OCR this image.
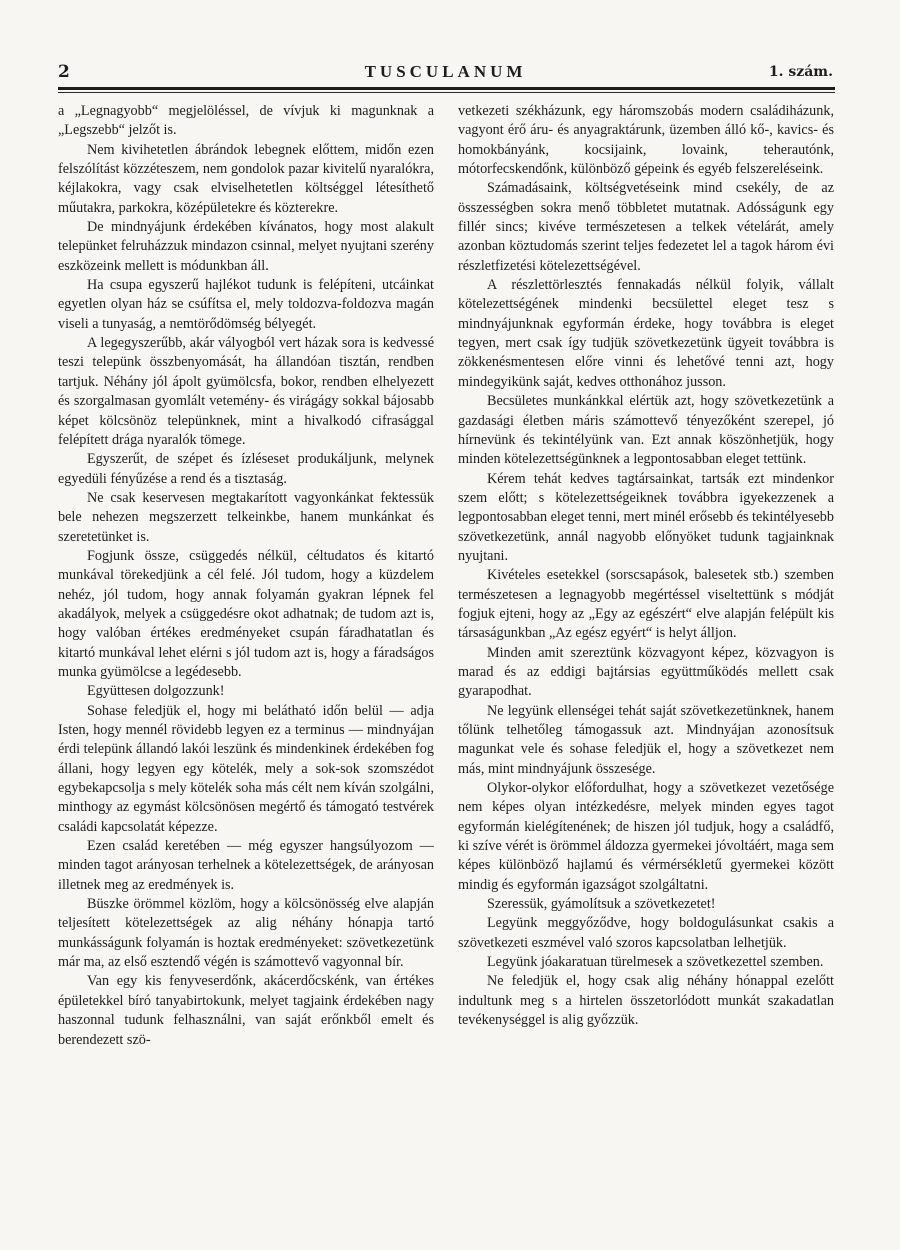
2	TUSCULANUM	1. szám.

a „Legnagyobb“ megjelöléssel, de vívjuk ki magunknak a „Legszebb“ jelzőt is.

Nem kivihetetlen ábrándok lebegnek előttem, midőn ezen felszólítást közzéteszem, nem gondolok pazar kivitelű nyaralókra, kéjlakokra, vagy csak elviselhetetlen költséggel létesíthető műutakra, parkokra, középületekre és közterekre.

De mindnyájunk érdekében kívánatos, hogy most alakult telepünket felruházzuk mindazon csinnal, melyet nyujtani szerény eszközeink mellett is módunkban áll.

Ha csupa egyszerű hajlékot tudunk is felépíteni, utcáinkat egyetlen olyan ház se csúfítsa el, mely toldozva-foldozva magán viseli a tunyaság, a nemtörődömség bélyegét.

A legegyszerűbb, akár vályogból vert házak sora is kedvessé teszi telepünk összbenyomását, ha állandóan tisztán, rendben tartjuk. Néhány jól ápolt gyümölcsfa, bokor, rendben elhelyezett és szorgalmasan gyomlált vetemény- és virágágy sokkal bájosabb képet kölcsönöz telepünknek, mint a hivalkodó cifrasággal felépített drága nyaralók tömege.

Egyszerűt, de szépet és ízléseset produkáljunk, melynek egyedüli fényűzése a rend és a tisztaság.

Ne csak keservesen megtakarított vagyonkánkat fektessük bele nehezen megszerzett telkeinkbe, hanem munkánkat és szeretetünket is.

Fogjunk össze, csüggedés nélkül, céltudatos és kitartó munkával törekedjünk a cél felé. Jól tudom, hogy a küzdelem nehéz, jól tudom, hogy annak folyamán gyakran lépnek fel akadályok, melyek a csüggedésre okot adhatnak; de tudom azt is, hogy valóban értékes eredményeket csupán fáradhatatlan és kitartó munkával lehet elérni s jól tudom azt is, hogy a fáradságos munka gyümölcse a legédesebb.

Együttesen dolgozzunk!

Sohase feledjük el, hogy mi belátható időn belül — adja Isten, hogy mennél rövidebb legyen ez a terminus — mindnyájan érdi telepünk állandó lakói leszünk és mindenkinek érdekében fog állani, hogy legyen egy kötelék, mely a sok-sok szomszédot egybekapcsolja s mely kötelék soha más célt nem kíván szolgálni, minthogy az egymást kölcsönösen megértő és támogató testvérek családi kapcsolatát képezze.

Ezen család keretében — még egyszer hangsúlyozom — minden tagot arányosan terhelnek a kötelezettségek, de arányosan illetnek meg az eredmények is.

Büszke örömmel közlöm, hogy a kölcsönösség elve alapján teljesített kötelezettségek az alig néhány hónapja tartó munkásságunk folyamán is hoztak eredményeket: szövetkezetünk már ma, az első esztendő végén is számottevő vagyonnal bír.

Van egy kis fenyveserdőnk, akácerdőcskénk, van értékes épületekkel bíró tanyabirtokunk, melyet tagjaink érdekében nagy haszonnal tudunk felhasználni, van saját erőnkből emelt és berendezett szö-

vetkezeti székházunk, egy háromszobás modern családiházunk, vagyont érő áru- és anyagraktárunk, üzemben álló kő-, kavics- és homokbányánk, kocsijaink, lovaink, teherautónk, mótorfecskendőnk, különböző gépeink és egyéb felszereléseink.

Számadásaink, költségvetéseink mind csekély, de az összességben sokra menő többletet mutatnak. Adósságunk egy fillér sincs; kivéve természetesen a telkek vételárát, amely azonban köztudomás szerint teljes fedezetet lel a tagok három évi részletfizetési kötelezettségével.

A részlettörlesztés fennakadás nélkül folyik, vállalt kötelezettségének mindenki becsülettel eleget tesz s mindnyájunknak egyformán érdeke, hogy továbbra is eleget tegyen, mert csak így tudjük szövetkezetünk ügyeit továbbra is zökkenésmentesen előre vinni és lehetővé tenni azt, hogy mindegyikünk saját, kedves otthonához jusson.

Becsületes munkánkkal elértük azt, hogy szövetkezetünk a gazdasági életben máris számottevő tényezőként szerepel, jó hírnevünk és tekintélyünk van. Ezt annak köszönhetjük, hogy minden kötelezettségünknek a legpontosabban eleget tettünk.

Kérem tehát kedves tagtársainkat, tartsák ezt mindenkor szem előtt; s kötelezettségeiknek továbbra igyekezzenek a legpontosabban eleget tenni, mert minél erősebb és tekintélyesebb szövetkezetünk, annál nagyobb előnyöket tudunk tagjainknak nyujtani.

Kivételes esetekkel (sorscsapások, balesetek stb.) szemben természetesen a legnagyobb megértéssel viseltettünk s módját fogjuk ejteni, hogy az „Egy az egészért“ elve alapján felépült kis társaságunkban „Az egész egyért“ is helyt álljon.

Minden amit szereztünk közvagyont képez, közvagyon is marad és az eddigi bajtársias együttműködés mellett csak gyarapodhat.

Ne legyünk ellenségei tehát saját szövetkezetünknek, hanem tőlünk telhetőleg támogassuk azt. Mindnyájan azonosítsuk magunkat vele és sohase feledjük el, hogy a szövetkezet nem más, mint mindnyájunk összesége.

Olykor-olykor előfordulhat, hogy a szövetkezet vezetősége nem képes olyan intézkedésre, melyek minden egyes tagot egyformán kielégítenének; de hiszen jól tudjuk, hogy a családfő, ki szíve vérét is örömmel áldozza gyermekei jóvoltáért, maga sem képes különböző hajlamú és vérmérsékletű gyermekei között mindig és egyformán igazságot szolgáltatni.

Szeressük, gyámolítsuk a szövetkezetet!

Legyünk meggyőződve, hogy boldogulásunkat csakis a szövetkezeti eszmével való szoros kapcsolatban lelhetjük.

Legyünk jóakaratuan türelmesek a szövetkezettel szemben.

Ne feledjük el, hogy csak alig néhány hónappal ezelőtt indultunk meg s a hirtelen összetorlódott munkát szakadatlan tevékenységgel is alig győzzük.
